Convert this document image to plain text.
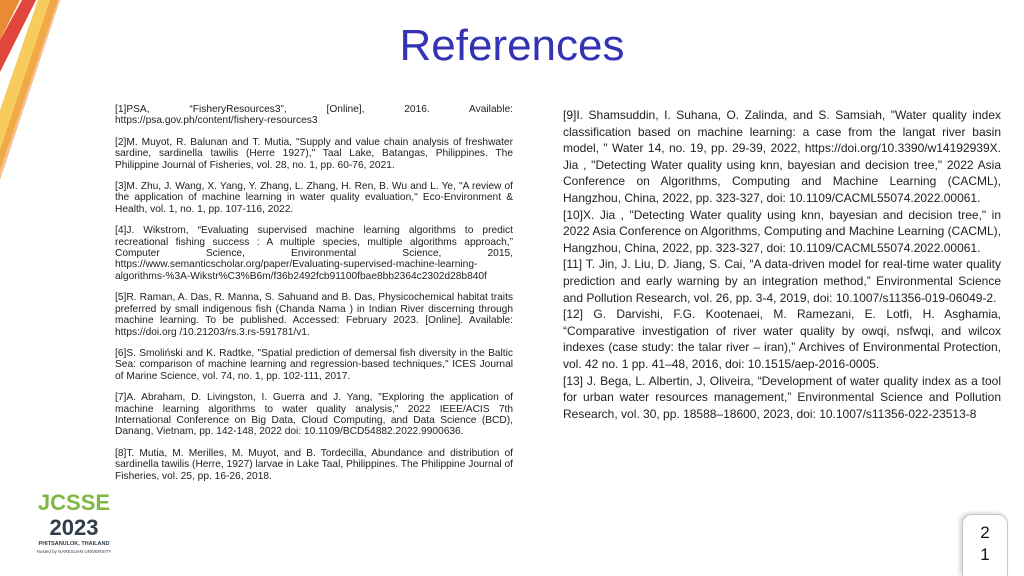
References

[1]PSA, “FisheryResources3”, [Online], 2016. Available: https://psa.gov.ph/content/fishery-resources3

[2]M. Muyot, R. Balunan and T. Mutia, "Supply and value chain analysis of freshwater sardine, sardinella tawilis (Herre 1927)," Taal Lake, Batangas, Philippines. The Philippine Journal of Fisheries, vol. 28, no. 1, pp. 60-76, 2021.

[3]M. Zhu, J. Wang, X. Yang, Y. Zhang, L. Zhang, H. Ren, B. Wu and L. Ye, "A review of the application of machine learning in water quality evaluation," Eco-Environment & Health, vol. 1, no. 1, pp. 107-116, 2022.

[4]J. Wikstrom, “Evaluating supervised machine learning algorithms to predict recreational fishing success : A multiple species, multiple algorithms approach,” Computer Science, Environmental Science, 2015, https://www.semanticscholar.org/paper/Evaluating-supervised-machine-learning-algorithms-%3A-Wikstr%C3%B6m/f36b2492fcb91100fbae8bb2364c2302d28b840f

[5]R. Raman, A. Das, R. Manna, S. Sahuand and B. Das, Physicochemical habitat traits preferred by small indigenous fish (Chanda Nama ) in Indian River discerning through machine learning. To be published. Accessed: February 2023. [Online]. Available: https://doi.org /10.21203/rs.3.rs-591781/v1.

[6]S. Smoliński and K. Radtke, "Spatial prediction of demersal fish diversity in the Baltic Sea: comparison of machine learning and regression-based techniques," ICES Journal of Marine Science, vol. 74, no. 1, pp. 102-111, 2017.

[7]A. Abraham, D. Livingston, I. Guerra and J. Yang, "Exploring the application of machine learning algorithms to water quality analysis," 2022 IEEE/ACIS 7th International Conference on Big Data, Cloud Computing, and Data Science (BCD), Danang, Vietnam, pp. 142-148, 2022 doi: 10.1109/BCD54882.2022.9900636.

[8]T. Mutia, M. Merilles, M. Muyot, and B. Tordecilla, Abundance and distribution of sardinella tawilis (Herre, 1927) larvae in Lake Taal, Philippines. The Philippine Journal of Fisheries, vol. 25, pp. 16-26, 2018.

[9]I. Shamsuddin, I. Suhana, O. Zalinda, and S. Samsiah, "Water quality index classification based on machine learning: a case from the langat river basin model, " Water 14, no. 19, pp. 29-39, 2022, https://doi.org/10.3390/w14192939X. Jia , "Detecting Water quality using knn, bayesian and decision tree," 2022 Asia Conference on Algorithms, Computing and Machine Learning (CACML), Hangzhou, China, 2022, pp. 323-327, doi: 10.1109/CACML55074.2022.00061.

[10]X. Jia , "Detecting Water quality using knn, bayesian and decision tree," in 2022 Asia Conference on Algorithms, Computing and Machine Learning (CACML), Hangzhou, China, 2022, pp. 323-327, doi: 10.1109/CACML55074.2022.00061.

[11] T. Jin, J. Liu, D. Jiang, S. Cai, “A data-driven model for real-time water quality prediction and early warning by an integration method,” Environmental Science and Pollution Research, vol. 26, pp. 3-4, 2019, doi: 10.1007/s11356-019-06049-2.

[12] G. Darvishi, F.G. Kootenaei, M. Ramezani, E. Lotfi, H. Asghamia, “Comparative investigation of river water quality by owqi, nsfwqi, and wilcox indexes (case study: the talar river – iran),” Archives of Environmental Protection, vol. 42 no. 1 pp. 41–48, 2016, doi: 10.1515/aep-2016-0005.

[13] J. Bega, L. Albertin, J, Oliveira, “Development of water quality index as a tool for urban water resources management,” Environmental Science and Pollution Research, vol. 30, pp. 18588–18600, 2023, doi: 10.1007/s11356-022-23513-8

JCSSE
2023
PHITSANULOK, THAILAND
Hosted by NARESUAN UNIVERSITY
2
1
